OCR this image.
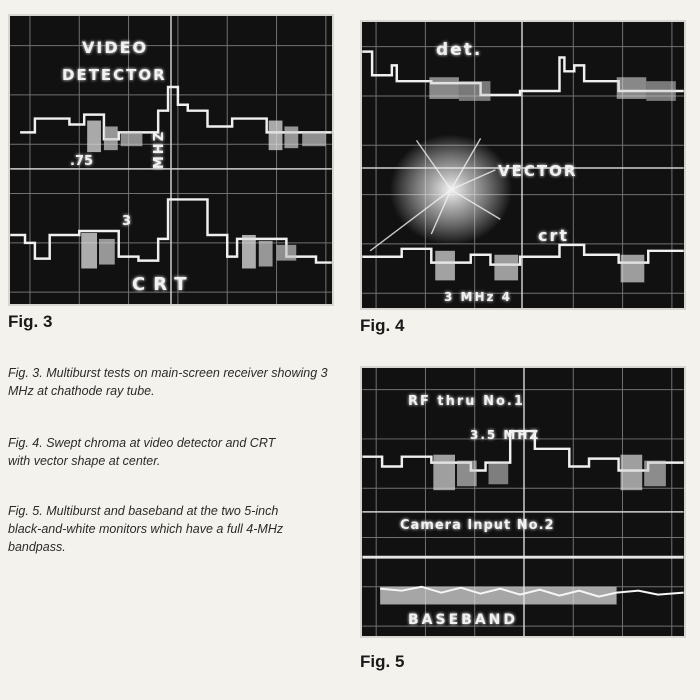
VIDEO
DETECTOR
.75	MHZ
3
CRT
Fig. 3
det.
VECTOR
crt
3 MHz 4
Fig. 4
Fig. 3. Multiburst tests on main-screen receiver showing 3 MHz at chathode ray tube.
Fig. 4. Swept chroma at video detector and CRT with vector shape at center.
Fig. 5. Multiburst and baseband at the two 5-inch black-and-white monitors which have a full 4-MHz bandpass.
RF thru No.1
3.5 MHZ
Camera Input No.2
BASEBAND
Fig. 5
